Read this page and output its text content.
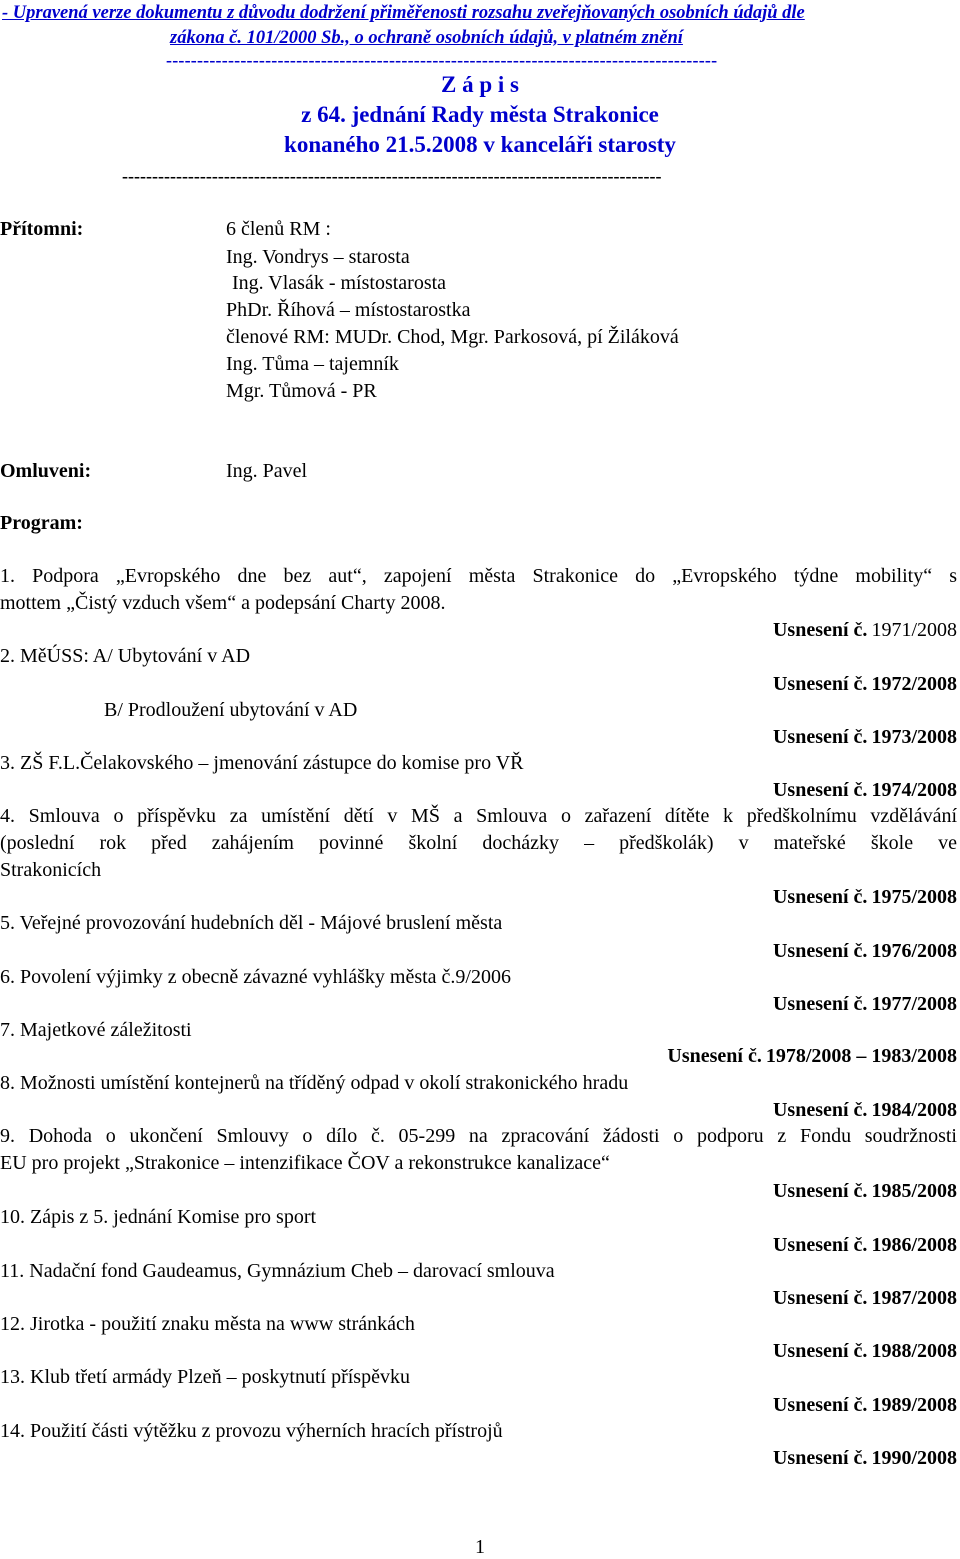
- Upravená verze dokumentu z důvodu dodržení přiměřenosti rozsahu zveřejňovaných osobních údajů dle
zákona č. 101/2000 Sb., o ochraně osobních údajů, v platném znění
-----------------------------------------------------------------------------------------
Z á p i s
z 64. jednání Rady města Strakonice
konaného 21.5.2008 v kanceláři starosty
------------------------------------------------------------------------------------------
Přítomni:	6 členů RM :
Ing. Vondrys – starosta
Ing. Vlasák - místostarosta
PhDr. Říhová – místostarostka
členové RM: MUDr. Chod, Mgr. Parkosová, pí Žiláková
Ing. Tůma – tajemník
Mgr. Tůmová - PR
Omluveni:	Ing. Pavel
Program:
1. Podpora „Evropského dne bez aut“, zapojení města Strakonice do „Evropského týdne mobility“ s
mottem „Čistý vzduch všem“ a podepsání Charty 2008.
Usnesení č. 1971/2008
2. MěÚSS: A/ Ubytování v AD
Usnesení č. 1972/2008
B/ Prodloužení ubytování v AD
Usnesení č. 1973/2008
3. ZŠ F.L.Čelakovského – jmenování zástupce do komise pro VŘ
Usnesení č. 1974/2008
4. Smlouva o příspěvku za umístění dětí v MŠ a Smlouva o zařazení dítěte k předškolnímu vzdělávání
(poslední rok před zahájením povinné školní docházky – předškolák) v mateřské škole ve
Strakonicích
Usnesení č. 1975/2008
5. Veřejné provozování hudebních děl - Májové bruslení města
Usnesení č. 1976/2008
6. Povolení výjimky z obecně závazné vyhlášky města č.9/2006
Usnesení č. 1977/2008
7. Majetkové záležitosti
Usnesení č. 1978/2008 – 1983/2008
8. Možnosti umístění kontejnerů na tříděný odpad v okolí strakonického hradu
Usnesení č. 1984/2008
9. Dohoda o ukončení Smlouvy o dílo č. 05-299 na zpracování žádosti o podporu z Fondu soudržnosti
EU pro projekt „Strakonice – intenzifikace ČOV a rekonstrukce kanalizace“
Usnesení č. 1985/2008
10. Zápis z 5. jednání Komise pro sport
Usnesení č. 1986/2008
11. Nadační fond Gaudeamus, Gymnázium Cheb – darovací smlouva
Usnesení č. 1987/2008
12. Jirotka - použití znaku města na www stránkách
Usnesení č. 1988/2008
13. Klub třetí armády Plzeň – poskytnutí příspěvku
Usnesení č. 1989/2008
14. Použití části výtěžku z provozu výherních hracích přístrojů
Usnesení č. 1990/2008
1
